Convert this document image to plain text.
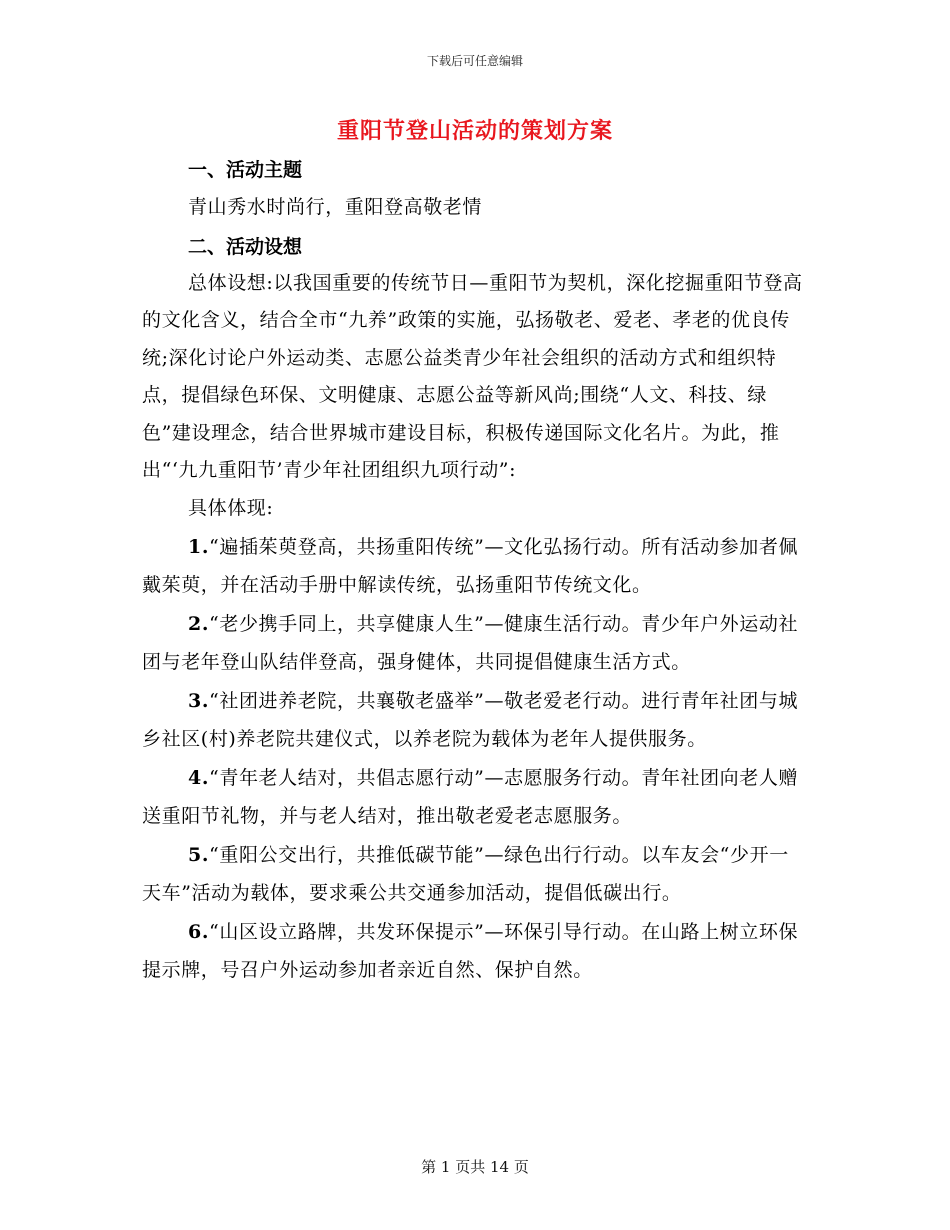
下载后可任意编辑
重阳节登山活动的策划方案

一、活动主题

青山秀水时尚行，重阳登高敬老情

二、活动设想

总体设想:以我国重要的传统节日—重阳节为契机，深化挖掘重阳节登高的文化含义，结合全市“九养”政策的实施，弘扬敬老、爱老、孝老的优良传统;深化讨论户外运动类、志愿公益类青少年社会组织的活动方式和组织特点，提倡绿色环保、文明健康、志愿公益等新风尚;围绕“人文、科技、绿色”建设理念，结合世界城市建设目标，积极传递国际文化名片。为此，推出“‘九九重阳节’青少年社团组织九项行动”:

具体体现:

1.“遍插茱萸登高，共扬重阳传统”—文化弘扬行动。所有活动参加者佩戴茱萸，并在活动手册中解读传统，弘扬重阳节传统文化。

2.“老少携手同上，共享健康人生”—健康生活行动。青少年户外运动社团与老年登山队结伴登高，强身健体，共同提倡健康生活方式。

3.“社团进养老院，共襄敬老盛举”—敬老爱老行动。进行青年社团与城乡社区(村)养老院共建仪式，以养老院为载体为老年人提供服务。

4.“青年老人结对，共倡志愿行动”—志愿服务行动。青年社团向老人赠送重阳节礼物，并与老人结对，推出敬老爱老志愿服务。

5.“重阳公交出行，共推低碳节能”—绿色出行行动。以车友会“少开一天车”活动为载体，要求乘公共交通参加活动，提倡低碳出行。

6.“山区设立路牌，共发环保提示”—环保引导行动。在山路上树立环保提示牌，号召户外运动参加者亲近自然、保护自然。

第 1 页共 14 页
